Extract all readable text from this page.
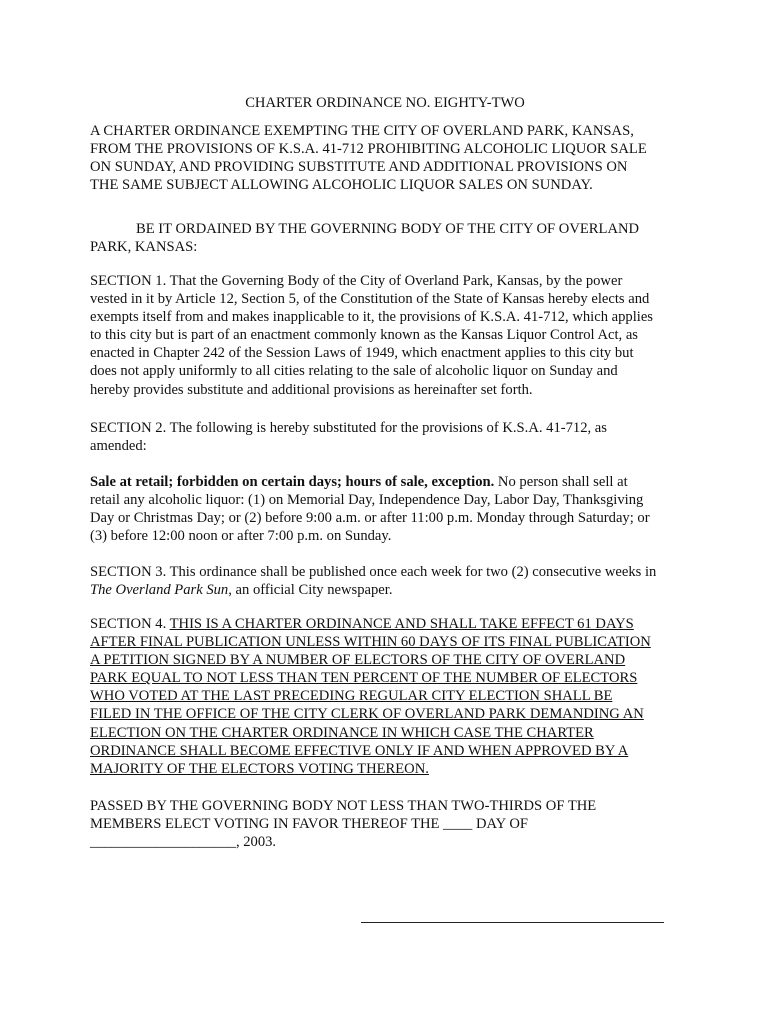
CHARTER ORDINANCE NO. EIGHTY-TWO
A CHARTER ORDINANCE EXEMPTING THE CITY OF OVERLAND PARK, KANSAS,
FROM THE PROVISIONS OF K.S.A. 41-712 PROHIBITING ALCOHOLIC LIQUOR SALE
ON SUNDAY, AND PROVIDING SUBSTITUTE AND ADDITIONAL PROVISIONS ON
THE SAME SUBJECT ALLOWING ALCOHOLIC LIQUOR SALES ON SUNDAY.
BE IT ORDAINED BY THE GOVERNING BODY OF THE CITY OF OVERLAND
PARK, KANSAS:
SECTION 1. That the Governing Body of the City of Overland Park, Kansas, by the power
vested in it by Article 12, Section 5, of the Constitution of the State of Kansas hereby elects and
exempts itself from and makes inapplicable to it, the provisions of K.S.A. 41-712, which applies
to this city but is part of an enactment commonly known as the Kansas Liquor Control Act, as
enacted in Chapter 242 of the Session Laws of 1949, which enactment applies to this city but
does not apply uniformly to all cities relating to the sale of alcoholic liquor on Sunday and
hereby provides substitute and additional provisions as hereinafter set forth.
SECTION 2. The following is hereby substituted for the provisions of K.S.A. 41-712, as
amended:
Sale at retail; forbidden on certain days; hours of sale, exception. No person shall sell at
retail any alcoholic liquor: (1) on Memorial Day, Independence Day, Labor Day, Thanksgiving
Day or Christmas Day; or (2) before 9:00 a.m. or after 11:00 p.m. Monday through Saturday; or
(3) before 12:00 noon or after 7:00 p.m. on Sunday.
SECTION 3. This ordinance shall be published once each week for two (2) consecutive weeks in
The Overland Park Sun, an official City newspaper.
SECTION 4. THIS IS A CHARTER ORDINANCE AND SHALL TAKE EFFECT 61 DAYS
AFTER FINAL PUBLICATION UNLESS WITHIN 60 DAYS OF ITS FINAL PUBLICATION
A PETITION SIGNED BY A NUMBER OF ELECTORS OF THE CITY OF OVERLAND
PARK EQUAL TO NOT LESS THAN TEN PERCENT OF THE NUMBER OF ELECTORS
WHO VOTED AT THE LAST PRECEDING REGULAR CITY ELECTION SHALL BE
FILED IN THE OFFICE OF THE CITY CLERK OF OVERLAND PARK DEMANDING AN
ELECTION ON THE CHARTER ORDINANCE IN WHICH CASE THE CHARTER
ORDINANCE SHALL BECOME EFFECTIVE ONLY IF AND WHEN APPROVED BY A
MAJORITY OF THE ELECTORS VOTING THEREON.
PASSED BY THE GOVERNING BODY NOT LESS THAN TWO-THIRDS OF THE
MEMBERS ELECT VOTING IN FAVOR THEREOF THE ____ DAY OF
____________________, 2003.
